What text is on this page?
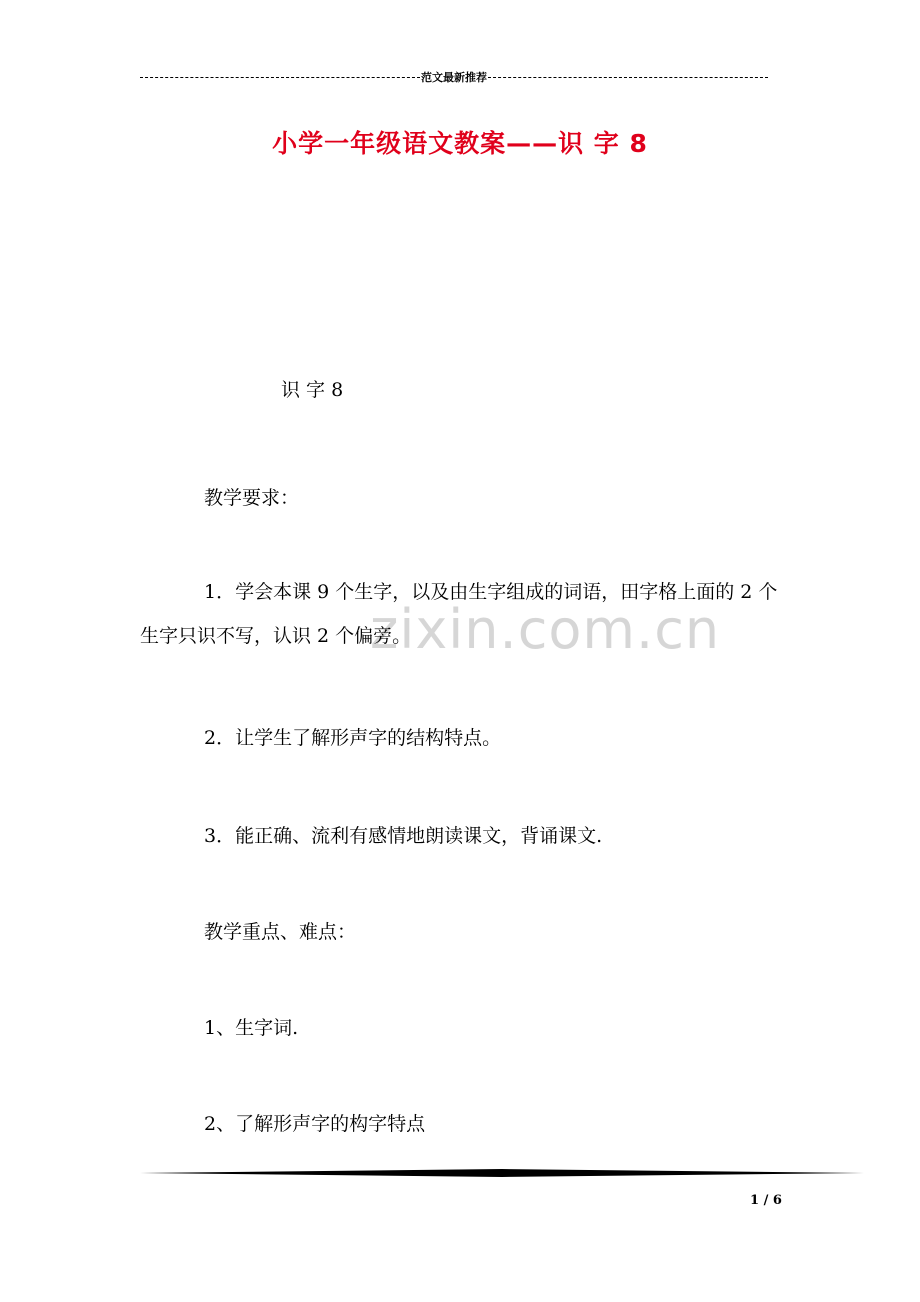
范文最新推荐
小学一年级语文教案——识 字 8
zixin.com.cn
识 字 8
教学要求：
1．学会本课 9 个生字，以及由生字组成的词语，田字格上面的 2 个生字只识不写，认识 2 个偏旁。
2．让学生了解形声字的结构特点。
3．能正确、流利有感情地朗读课文，背诵课文.
教学重点、难点：
1、生字词.
2、了解形声字的构字特点
1 / 6
